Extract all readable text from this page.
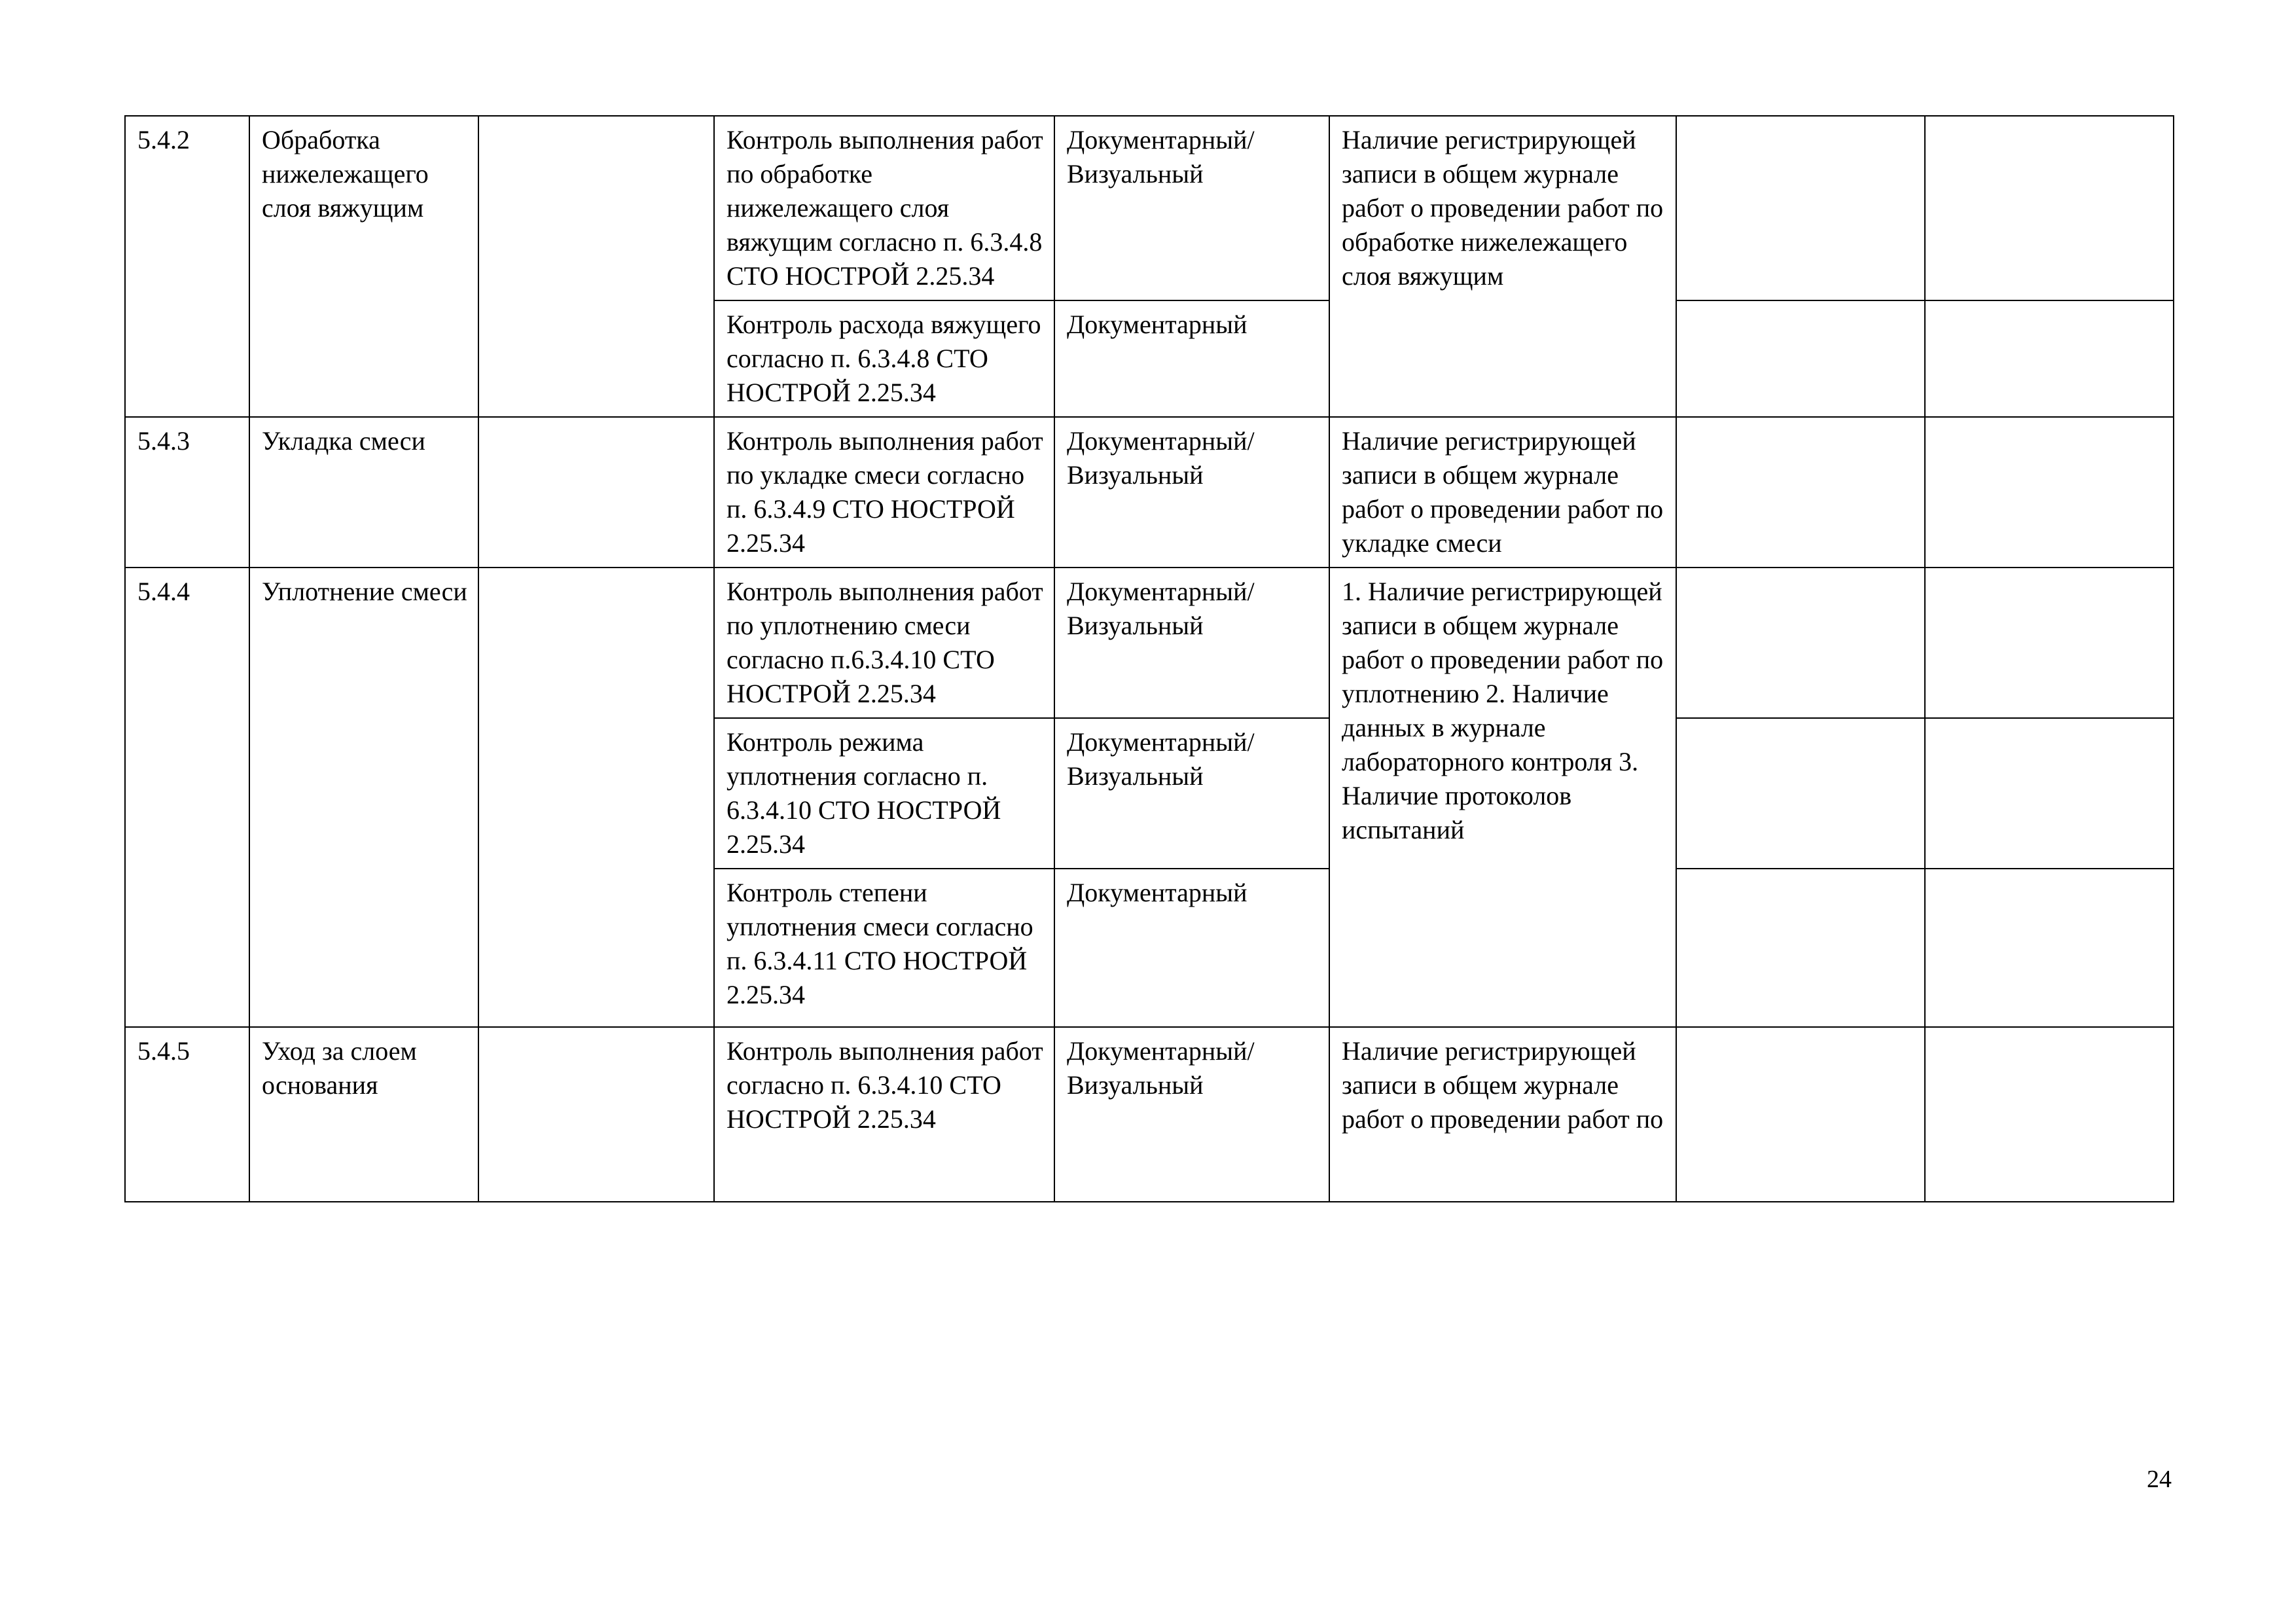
5.4.2	Обработка нижележащего слоя вяжущим		Контроль выполнения работ по обработке нижележащего слоя вяжущим согласно п. 6.3.4.8 СТО НОСТРОЙ 2.25.34	Документарный/ Визуальный	Наличие регистрирующей записи в общем журнале работ о проведении работ по обработке нижележащего слоя вяжущим		
			Контроль расхода вяжущего согласно п. 6.3.4.8 СТО НОСТРОЙ 2.25.34	Документарный			
5.4.3	Укладка смеси		Контроль выполнения работ по укладке смеси согласно п. 6.3.4.9 СТО НОСТРОЙ 2.25.34	Документарный/ Визуальный	Наличие регистрирующей записи в общем журнале работ о проведении работ по укладке смеси		
5.4.4	Уплотнение смеси		Контроль выполнения работ по уплотнению смеси согласно п.6.3.4.10 СТО НОСТРОЙ 2.25.34	Документарный/ Визуальный	1. Наличие регистрирующей записи в общем журнале работ о проведении работ по уплотнению 2. Наличие данных в журнале лабораторного контроля 3. Наличие протоколов испытаний		
			Контроль режима уплотнения согласно п. 6.3.4.10 СТО НОСТРОЙ 2.25.34	Документарный/ Визуальный			
			Контроль степени уплотнения смеси согласно п. 6.3.4.11 СТО НОСТРОЙ 2.25.34	Документарный			
5.4.5	Уход за слоем основания		Контроль выполнения работ согласно п. 6.3.4.10 СТО НОСТРОЙ 2.25.34	Документарный/ Визуальный	Наличие регистрирующей записи в общем журнале работ о проведении работ по		
24
